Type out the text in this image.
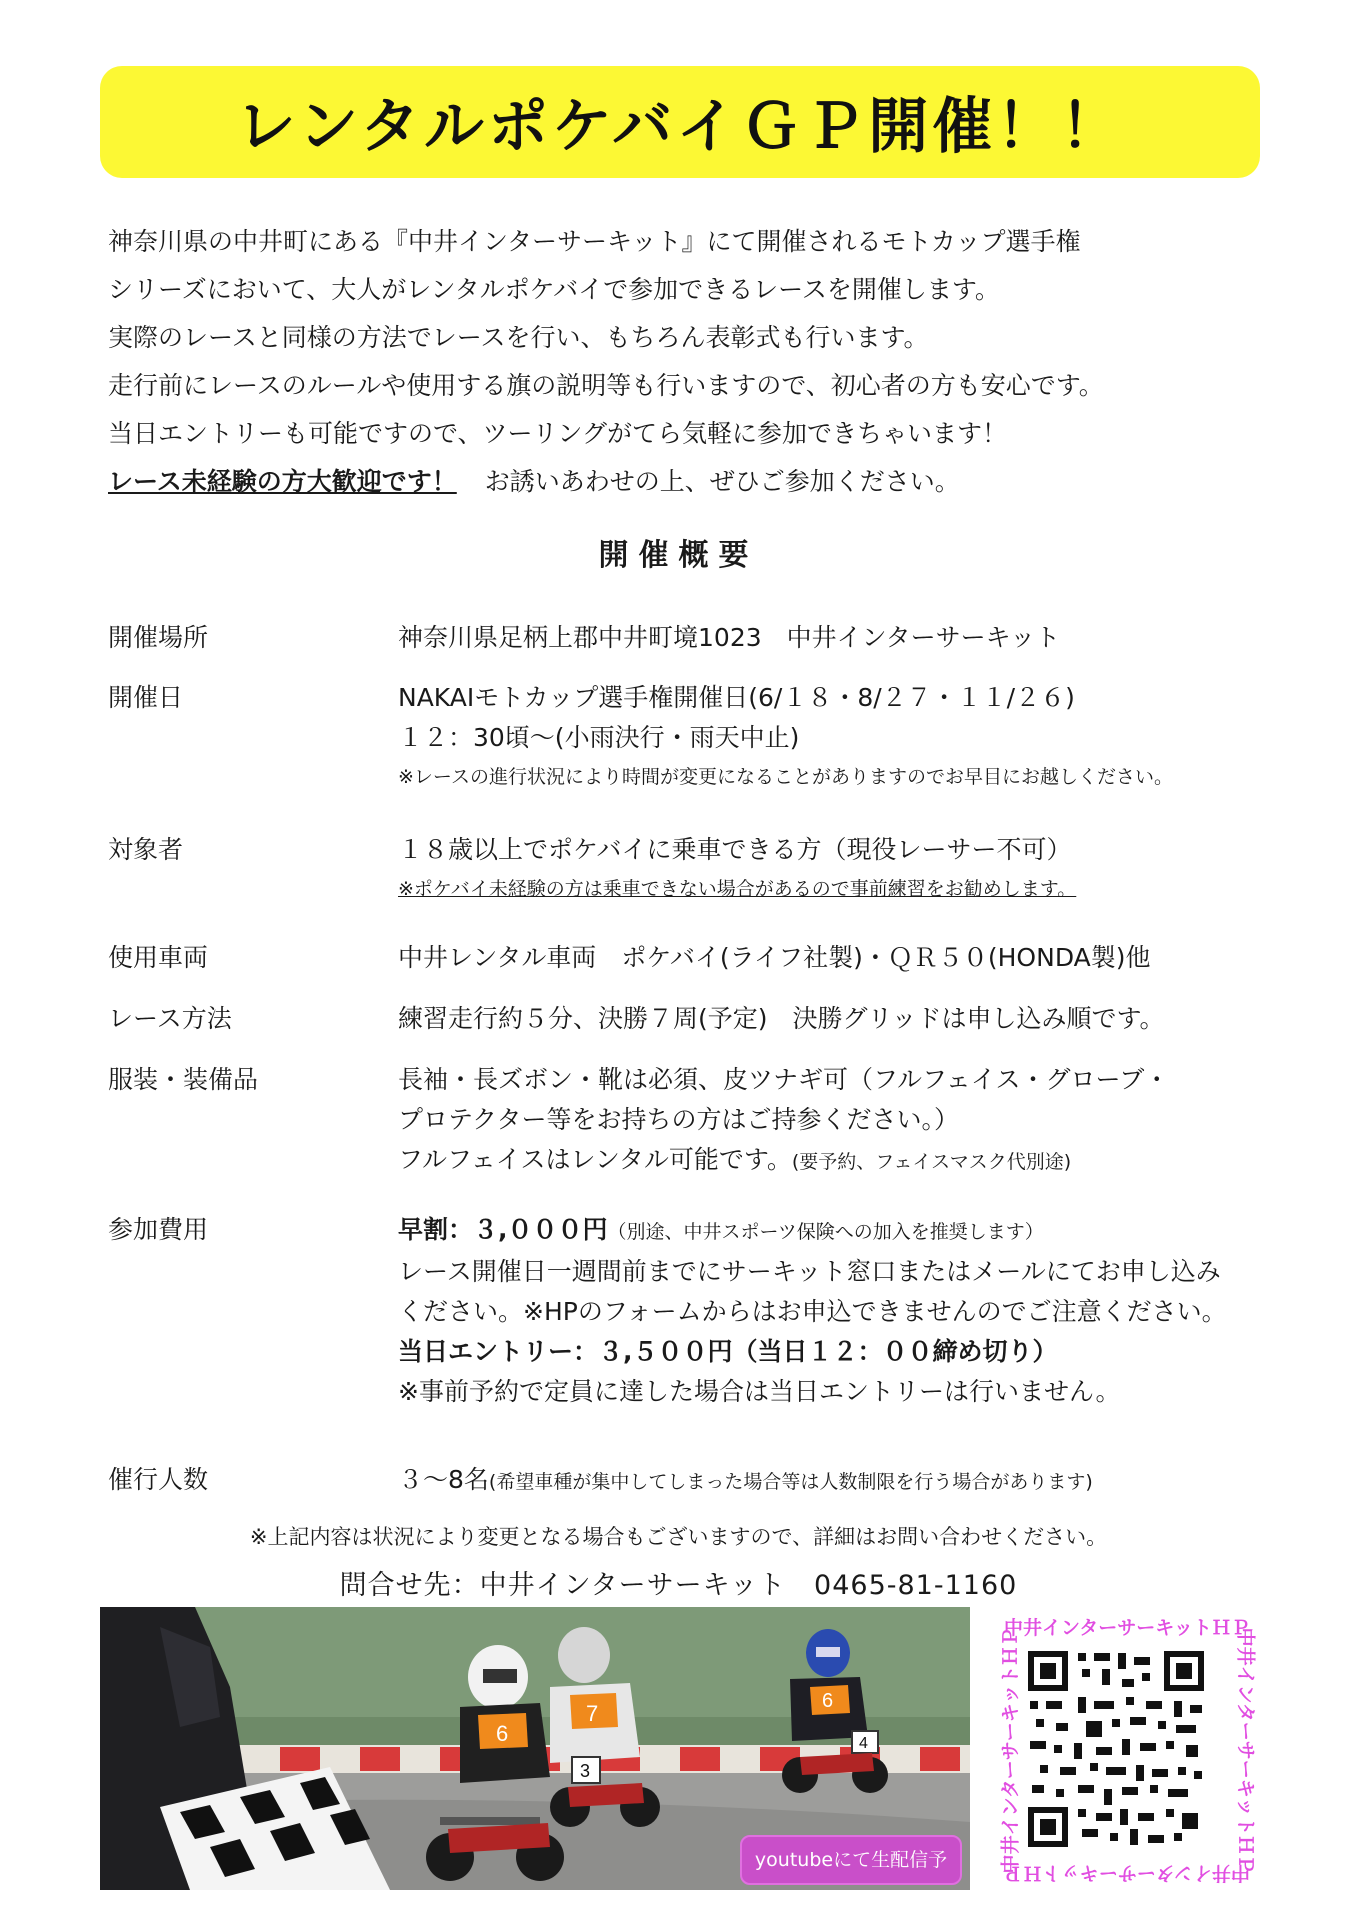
レンタルポケバイＧＰ開催！！

神奈川県の中井町にある『中井インターサーキット』にて開催されるモトカップ選手権

シリーズにおいて、大人がレンタルポケバイで参加できるレースを開催します。

実際のレースと同様の方法でレースを行い、もちろん表彰式も行います。

走行前にレースのルールや使用する旗の説明等も行いますので、初心者の方も安心です。

当日エントリーも可能ですので、ツーリングがてら気軽に参加できちゃいます！

レース未経験の方大歓迎です！ お誘いあわせの上、ぜひご参加ください。

開催概要
開催場所	神奈川県足柄上郡中井町境1023　中井インターサーキット
開催日	NAKAIモトカップ選手権開催日(6/１８・8/２７・１１/２６)
１２：30頃～(小雨決行・雨天中止)
※レースの進行状況により時間が変更になることがありますのでお早目にお越しください。
対象者	１８歳以上でポケバイに乗車できる方（現役レーサー不可）
※ポケバイ未経験の方は乗車できない場合があるので事前練習をお勧めします。
使用車両	中井レンタル車両　ポケバイ(ライフ社製)・ＱＲ５０(HONDA製)他
レース方法	練習走行約５分、決勝７周(予定)　決勝グリッドは申し込み順です。
服装・装備品	長袖・長ズボン・靴は必須、皮ツナギ可（フルフェイス・グローブ・
プロテクター等をお持ちの方はご持参ください。）
フルフェイスはレンタル可能です。(要予約、フェイスマスク代別途)
参加費用	早割：３,０００円（別途、中井スポーツ保険への加入を推奨します）
レース開催日一週間前までにサーキット窓口またはメールにてお申し込み
ください。※HPのフォームからはお申込できませんのでご注意ください。
当日エントリー：３,５００円（当日１２：００締め切り）
※事前予約で定員に達した場合は当日エントリーは行いません。
催行人数	３～8名(希望車種が集中してしまった場合等は人数制限を行う場合があります)
※上記内容は状況により変更となる場合もございますので、詳細はお問い合わせください。
問合せ先：中井インターサーキット　0465-81-1160
6
7
3
6
4
youtubeにて生配信予定‼
中井インターサーキットＨＰ
中井インターサーキットＨＰ
中井インターサーキットＨＰ	中井インターサーキットＨＰ
